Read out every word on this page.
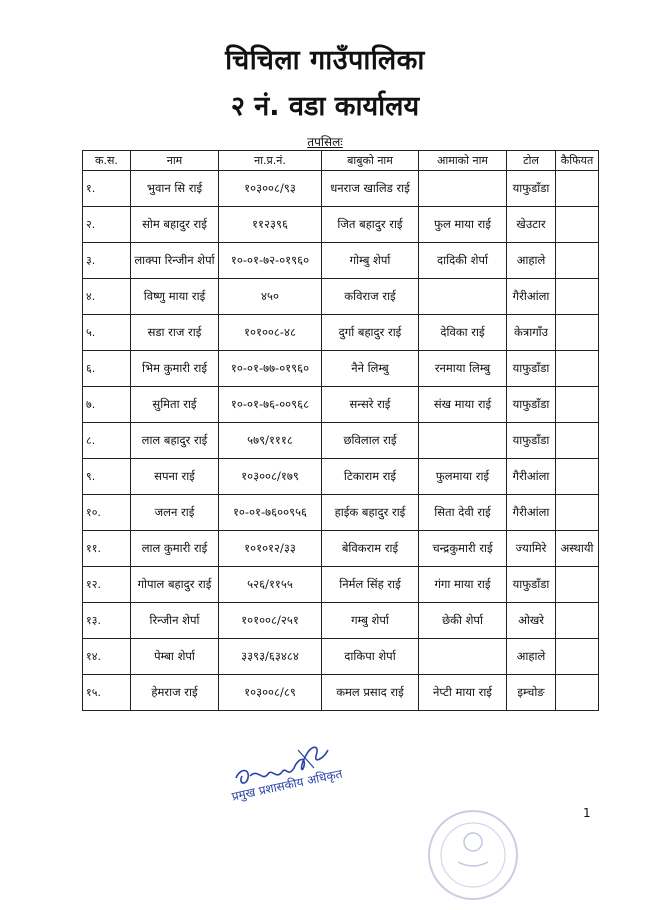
चिचिला गाउँपालिका
२ नं. वडा कार्यालय
तपसिलः
क.स.	नाम	ना.प्र.नं.	बाबुको नाम	आमाको नाम	टोल	कैफियत
१.	भुवान सि राई	१०३००८/९३	धनराज खालिड राई		याफुडाँडा	
२.	सोम बहादुर राई	११२३९६	जित बहादुर राई	फुल माया राई	खेउटार	
३.	लाक्पा रिन्जीन शेर्पा	१०-०१-७२-०१९६०	गोम्बु शेर्पा	दादिकी शेर्पा	आहाले	
४.	विष्णु माया राई	४५०	कविराज राई		गैरीआंला	
५.	सडा राज राई	१०१००८-४८	दुर्गा बहादुर राई	देविका राई	केत्रागाँउ	
६.	भिम कुमारी राई	१०-०१-७७-०१९६०	नैने लिम्बु	रनमाया लिम्बु	याफुडाँडा	
७.	सुमिता राई	१०-०१-७६-००९६८	सन्सरे राई	संख माया राई	याफुडाँडा	
८.	लाल बहादुर राई	५७९/१११८	छविलाल राई		याफुडाँडा	
९.	सपना राई	१०३००८/१७९	टिकाराम राई	फुलमाया राई	गैरीआंला	
१०.	जलन राई	१०-०१-७६००९५६	हाईक बहादुर राई	सिता देवी राई	गैरीआंला	
११.	लाल कुमारी राई	१०१०१२/३३	बेविकराम राई	चन्द्रकुमारी राई	ज्यामिरे	अस्थायी
१२.	गोपाल बहादुर राई	५२६/११५५	निर्मल सिंह राई	गंगा माया राई	याफुडाँडा	
१३.	रिन्जीन शेर्पा	१०१००८/२५१	गम्बु शेर्पा	छेकी शेर्पा	ओखरे	
१४.	पेम्बा शेर्पा	३३९३/६३४८४	दाकिपा शेर्पा		आहाले	
१५.	हेमराज राई	१०३००८/८९	कमल प्रसाद राई	नेप्टी माया राई	इम्चोङ	
प्रमुख प्रशासकीय अधिकृत
1
